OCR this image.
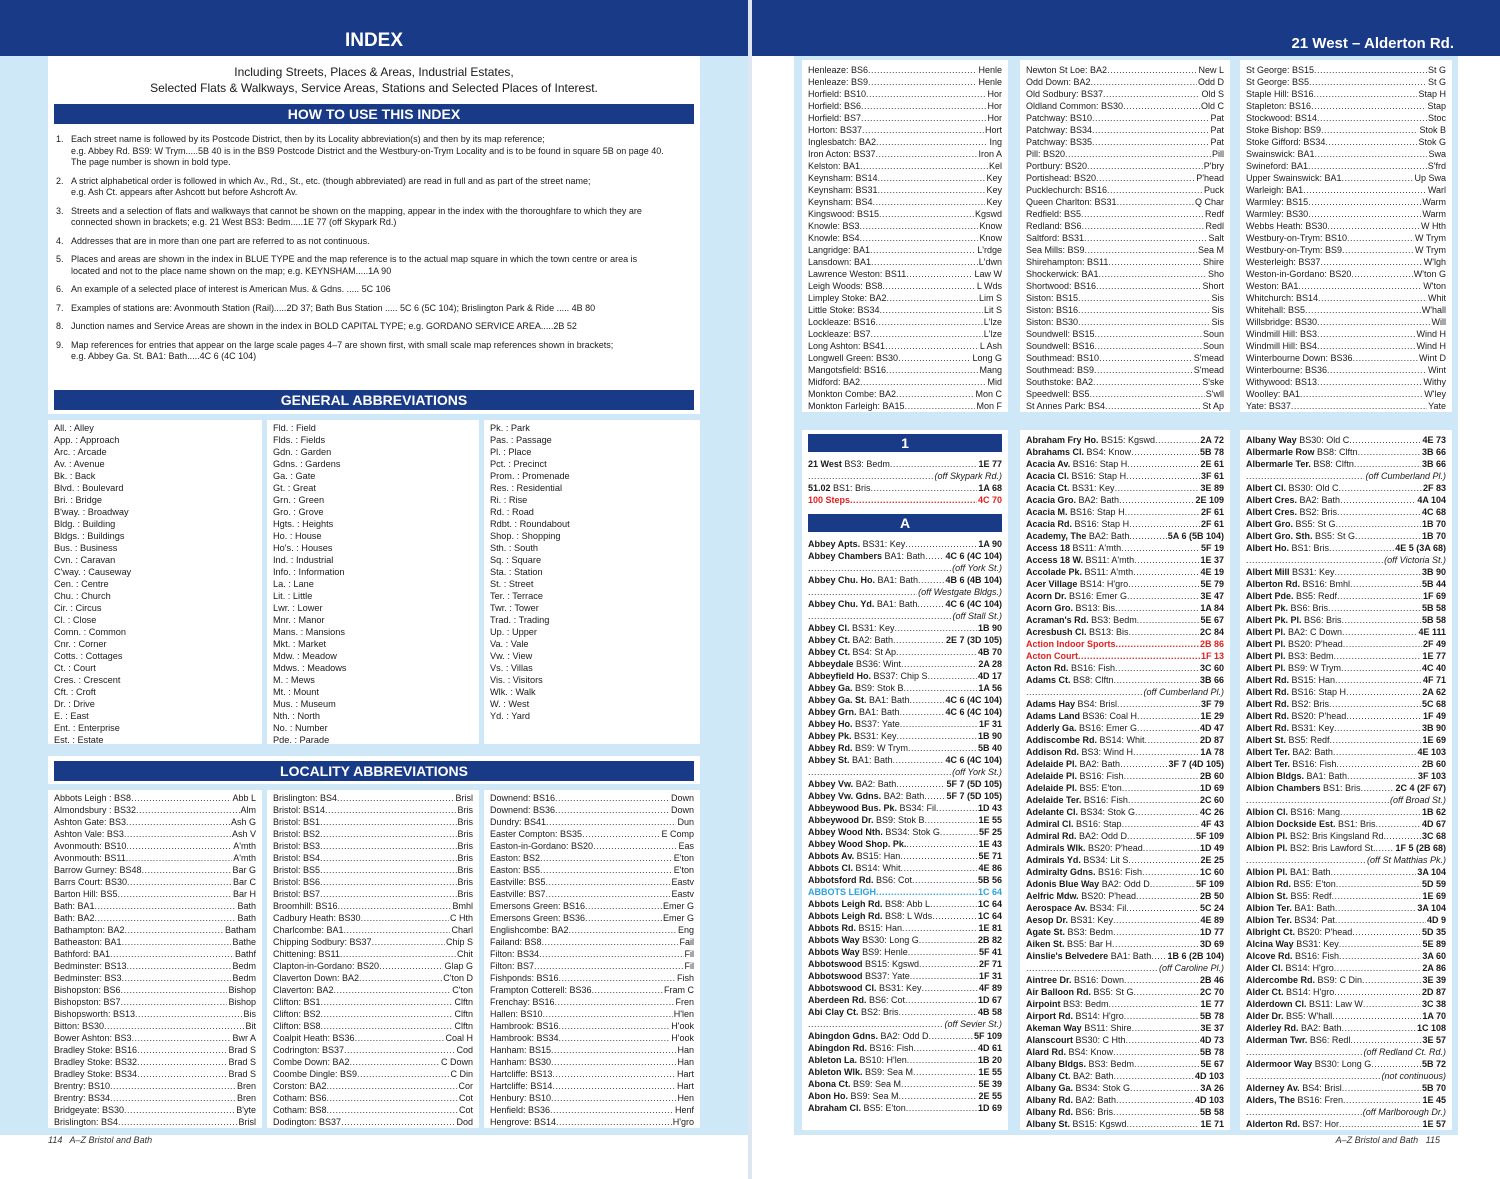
INDEX	21 West – Alderton Rd.
Including Streets, Places & Areas, Industrial Estates,
Selected Flats & Walkways, Service Areas, Stations and Selected Places of Interest.
HOW TO USE THIS INDEX
1. Each street name is followed by its Postcode District, then by its Locality abbreviation(s) and then by its map reference;
e.g. Abbey Rd. BS9: W Trym.....5B 40 is in the BS9 Postcode District and the Westbury-on-Trym Locality and is to be found in square 5B on page 40.
The page number is shown in bold type.
2. A strict alphabetical order is followed in which Av., Rd., St., etc. (though abbreviated) are read in full and as part of the street name;
e.g. Ash Ct. appears after Ashcott but before Ashcroft Av.
3. Streets and a selection of flats and walkways that cannot be shown on the mapping, appear in the index with the thoroughfare to which they are
connected shown in brackets; e.g. 21 West BS3: Bedm.....1E 77 (off Skypark Rd.)
4. Addresses that are in more than one part are referred to as not continuous.
5. Places and areas are shown in the index in BLUE TYPE and the map reference is to the actual map square in which the town centre or area is
located and not to the place name shown on the map; e.g. KEYNSHAM.....1A 90
6. An example of a selected place of interest is American Mus. & Gdns. ..... 5C 106
7. Examples of stations are: Avonmouth Station (Rail).....2D 37; Bath Bus Station ..... 5C 6 (5C 104); Brislington Park & Ride ..... 4B 80
8. Junction names and Service Areas are shown in the index in BOLD CAPITAL TYPE; e.g. GORDANO SERVICE AREA.....2B 52
9. Map references for entries that appear on the large scale pages 4–7 are shown first, with small scale map references shown in brackets;
e.g. Abbey Ga. St. BA1: Bath.....4C 6 (4C 104)
GENERAL ABBREVIATIONS
All. : Alley
App. : Approach
Arc. : Arcade
Av. : Avenue
Bk. : Back
Blvd. : Boulevard
Bri. : Bridge
B'way. : Broadway
Bldg. : Building
Bldgs. : Buildings
Bus. : Business
Cvn. : Caravan
C'way. : Causeway
Cen. : Centre
Chu. : Church
Cir. : Circus
Cl. : Close
Comn. : Common
Cnr. : Corner
Cotts. : Cottages
Ct. : Court
Cres. : Crescent
Cft. : Croft
Dr. : Drive
E. : East
Ent. : Enterprise
Est. : Estate
Fld. : Field
Flds. : Fields
Gdn. : Garden
Gdns. : Gardens
Ga. : Gate
Gt. : Great
Grn. : Green
Gro. : Grove
Hgts. : Heights
Ho. : House
Ho's. : Houses
Ind. : Industrial
Info. : Information
La. : Lane
Lit. : Little
Lwr. : Lower
Mnr. : Manor
Mans. : Mansions
Mkt. : Market
Mdw. : Meadow
Mdws. : Meadows
M. : Mews
Mt. : Mount
Mus. : Museum
Nth. : North
No. : Number
Pde. : Parade
Pk. : Park
Pas. : Passage
Pl. : Place
Pct. : Precinct
Prom. : Promenade
Res. : Residential
Ri. : Rise
Rd. : Road
Rdbt. : Roundabout
Shop. : Shopping
Sth. : South
Sq. : Square
Sta. : Station
St. : Street
Ter. : Terrace
Twr. : Tower
Trad. : Trading
Up. : Upper
Va. : Vale
Vw. : View
Vs. : Villas
Vis. : Visitors
Wlk. : Walk
W. : West
Yd. : Yard
LOCALITY ABBREVIATIONS
Abbots Leigh : BS8 .....	Abb L
Almondsbury : BS32 .....	Alm
Ashton Gate: BS3 .....	Ash G
Ashton Vale: BS3 .....	Ash V
Avonmouth: BS10 .....	A'mth
Avonmouth: BS11 .....	A'mth
Barrow Gurney: BS48 .....	Bar G
Barrs Court: BS30 .....	Bar C
Barton Hill: BS5 .....	Bar H
Bath: BA1 .....	Bath
Bath: BA2 .....	Bath
Bathampton: BA2 .....	Batham
Batheaston: BA1 .....	Bathe
Bathford: BA1 .....	Bathf
Bedminster: BS13 .....	Bedm
Bedminster: BS3 .....	Bedm
Bishopston: BS6 .....	Bishop
Bishopston: BS7 .....	Bishop
Bishopsworth: BS13 .....	Bis
Bitton: BS30 .....	Bit
Bower Ashton: BS3 .....	Bwr A
Bradley Stoke: BS16 .....	Brad S
Bradley Stoke: BS32 .....	Brad S
Bradley Stoke: BS34 .....	Brad S
Brentry: BS10 .....	Bren
Brentry: BS34 .....	Bren
Bridgeyate: BS30 .....	B'yte
Brislington: BS4 .....	Brisl
Brislington: BS4 .....	Brisl
Bristol: BS14 .....	Bris
Bristol: BS1 .....	Bris
Bristol: BS2 .....	Bris
Bristol: BS3 .....	Bris
Bristol: BS4 .....	Bris
Bristol: BS5 .....	Bris
Bristol: BS6 .....	Bris
Bristol: BS7 .....	Bris
Broomhill: BS16 .....	Bmhl
Cadbury Heath: BS30 .....	C Hth
Charlcombe: BA1 .....	Charl
Chipping Sodbury: BS37 .....	Chip S
Chittening: BS11 .....	Chit
Clapton-in-Gordano: BS20 .....	Glap G
Claverton Down: BA2 .....	C'ton D
Claverton: BA2 .....	C'ton
Clifton: BS1 .....	Clftn
Clifton: BS2 .....	Clftn
Clifton: BS8 .....	Clftn
Coalpit Heath: BS36 .....	Coal H
Codrington: BS37 .....	Cod
Combe Down: BA2 .....	C Down
Coombe Dingle: BS9 .....	C Din
Corston: BA2 .....	Cor
Cotham: BS6 .....	Cot
Cotham: BS8 .....	Cot
Dodington: BS37 .....	Dod
Downend: BS16 .....	Down
Downend: BS36 .....	Down
Dundry: BS41 .....	Dun
Easter Compton: BS35 .....	E Comp
Easton-in-Gordano: BS20 .....	Eas
Easton: BS2 .....	E'ton
Easton: BS5 .....	E'ton
Eastville: BS5 .....	Eastv
Eastville: BS7 .....	Eastv
Emersons Green: BS16 .....	Emer G
Emersons Green: BS36 .....	Emer G
Englishcombe: BA2 .....	Eng
Failand: BS8 .....	Fail
Filton: BS34 .....	Fil
Filton: BS7 .....	Fil
Fishponds: BS16 .....	Fish
Frampton Cotterell: BS36 .....	Fram C
Frenchay: BS16 .....	Fren
Hallen: BS10 .....	H'len
Hambrook: BS16 .....	H'ook
Hambrook: BS34 .....	H'ook
Hanham: BS15 .....	Han
Hanham: BS30 .....	Han
Hartcliffe: BS13 .....	Hart
Hartcliffe: BS14 .....	Hart
Henbury: BS10 .....	Hen
Henfield: BS36 .....	Henf
Hengrove: BS14 .....	H'gro
114 A–Z Bristol and Bath
Henleaze: BS6 .....	Henle
Henleaze: BS9 .....	Henle
Horfield: BS10 .....	Hor
Horfield: BS6 .....	Hor
Horfield: BS7 .....	Hor
Horton: BS37 .....	Hort
Inglesbatch: BA2 .....	Ing
Iron Acton: BS37 .....	Iron A
Kelston: BA1 .....	Kel
Keynsham: BS14 .....	Key
Keynsham: BS31 .....	Key
Keynsham: BS4 .....	Key
Kingswood: BS15 .....	Kgswd
Knowle: BS3 .....	Know
Knowle: BS4 .....	Know
Langridge: BA1 .....	L'rdge
Lansdown: BA1 .....	L'dwn
Lawrence Weston: BS11 .....	Law W
Leigh Woods: BS8 .....	L Wds
Limpley Stoke: BA2 .....	Lim S
Little Stoke: BS34 .....	Lit S
Lockleaze: BS16 .....	L'lze
Lockleaze: BS7 .....	L'lze
Long Ashton: BS41 .....	L Ash
Longwell Green: BS30 .....	Long G
Mangotsfield: BS16 .....	Mang
Midford: BA2 .....	Mid
Monkton Combe: BA2 .....	Mon C
Monkton Farleigh: BA15 .....	Mon F
Newton St Loe: BA2 .....	New L
Odd Down: BA2 .....	Odd D
Old Sodbury: BS37 .....	Old S
Oldland Common: BS30 .....	Old C
Patchway: BS10 .....	Pat
Patchway: BS34 .....	Pat
Patchway: BS35 .....	Pat
Pill: BS20 .....	Pill
Portbury: BS20 .....	P'bry
Portishead: BS20 .....	P'head
Pucklechurch: BS16 .....	Puck
Queen Charlton: BS31 .....	Q Char
Redfield: BS5 .....	Redf
Redland: BS6 .....	Redl
Saltford: BS31 .....	Salt
Sea Mills: BS9 .....	Sea M
Shirehampton: BS11 .....	Shire
Shockerwick: BA1 .....	Sho
Shortwood: BS16 .....	Short
Siston: BS15 .....	Sis
Siston: BS16 .....	Sis
Siston: BS30 .....	Sis
Soundwell: BS15 .....	Soun
Soundwell: BS16 .....	Soun
Southmead: BS10 .....	S'mead
Southmead: BS9 .....	S'mead
Southstoke: BA2 .....	S'ske
Speedwell: BS5 .....	S'wll
St Annes Park: BS4 .....	St Ap
St George: BS15 .....	St G
St George: BS5 .....	St G
Staple Hill: BS16 .....	Stap H
Stapleton: BS16 .....	Stap
Stockwood: BS14 .....	Stoc
Stoke Bishop: BS9 .....	Stok B
Stoke Gifford: BS34 .....	Stok G
Swainswick: BA1 .....	Swa
Swineford: BA1 .....	S'frd
Upper Swainswick: BA1 .....	Up Swa
Warleigh: BA1 .....	Warl
Warmley: BS15 .....	Warm
Warmley: BS30 .....	Warm
Webbs Heath: BS30 .....	W Hth
Westbury-on-Trym: BS10 .....	W Trym
Westbury-on-Trym: BS9 .....	W Trym
Westerleigh: BS37 .....	W'lgh
Weston-in-Gordano: BS20 .....	W'ton G
Weston: BA1 .....	W'ton
Whitchurch: BS14 .....	Whit
Whitehall: BS5 .....	W'hall
Willsbridge: BS30 .....	Will
Windmill Hill: BS3 .....	Wind H
Windmill Hill: BS4 .....	Wind H
Winterbourne Down: BS36 .....	Wint D
Winterbourne: BS36 .....	Wint
Withywood: BS13 .....	Withy
Woolley: BA1 .....	W'ley
Yate: BS37 .....	Yate
1
21 West BS3: Bedm .....	1E 77
.....
(off Skypark Rd.)
51.02 BS1: Bris .....	1A 68
100 Steps .....	4C 70
A
Abbey Apts. BS31: Key .....	1A 90
Abbey Chambers BA1: Bath ..... 4C 6 (4C 104)
.....
(off York St.)
Abbey Chu. Ho. BA1: Bath .....	4B 6 (4B 104)
.....
(off Westgate Bldgs.)
Abbey Chu. Yd. BA1: Bath .....	4C 6 (4C 104)
.....
(off Stall St.)
Abbey Cl. BS31: Key .....	1B 90
Abbey Ct. BA2: Bath .....	2E 7 (3D 105)
Abbey Ct. BS4: St Ap .....	4B 70
Abbeydale BS36: Wint .....	2A 28
Abbeyfield Ho. BS37: Chip S .....	4D 17
Abbey Ga. BS9: Stok B .....	1A 56
Abbey Ga. St. BA1: Bath .....	4C 6 (4C 104)
Abbey Grn. BA1: Bath .....	4C 6 (4C 104)
Abbey Ho. BS37: Yate .....	1F 31
Abbey Pk. BS31: Key .....	1B 90
Abbey Rd. BS9: W Trym .....	5B 40
Abbey St. BA1: Bath .....	4C 6 (4C 104)
.....
(off York St.)
Abbey Vw. BA2: Bath .....	5F 7 (5D 105)
Abbey Vw. Gdns. BA2: Bath ..... 5F 7 (5D 105)
Abbeywood Bus. Pk. BS34: Fil .....	1D 43
Abbeywood Dr. BS9: Stok B .....	1E 55
Abbey Wood Nth. BS34: Stok G .....	5F 25
Abbey Wood Shop. Pk. .....	1E 43
Abbots Av. BS15: Han .....	5E 71
Abbots Cl. BS14: Whit .....	4E 86
Abbotsford Rd. BS6: Cot .....	5B 56
ABBOTS LEIGH .....	1C 64
Abbots Leigh Rd. BS8: Abb L .....	1C 64
Abbots Leigh Rd. BS8: L Wds .....	1C 64
Abbots Rd. BS15: Han .....	1E 81
Abbots Way BS30: Long G .....	2B 82
Abbots Way BS9: Henle .....	5F 41
Abbotswood BS15: Kgswd .....	2F 71
Abbotswood BS37: Yate .....	1F 31
Abbotswood Cl. BS31: Key .....	4F 89
Aberdeen Rd. BS6: Cot .....	1D 67
Abi Clay Ct. BS2: Bris .....	4B 58
.....
(off Sevier St.)
Abingdon Gdns. BA2: Odd D .....	5F 109
Abingdon Rd. BS16: Fish .....	4D 61
Ableton La. BS10: H'len .....	1B 20
Ableton Wlk. BS9: Sea M .....	1E 55
Abona Ct. BS9: Sea M .....	5E 39
Abon Ho. BS9: Sea M .....	2E 55
Abraham Cl. BS5: E'ton .....	1D 69
Abraham Fry Ho. BS15: Kgswd .....	2A 72
Abrahams Cl. BS4: Know .....	5B 78
Acacia Av. BS16: Stap H .....	2E 61
Acacia Cl. BS16: Stap H .....	3F 61
Acacia Ct. BS31: Key .....	3E 89
Acacia Gro. BA2: Bath .....	2E 109
Acacia M. BS16: Stap H .....	2F 61
Acacia Rd. BS16: Stap H .....	2F 61
Academy, The BA2: Bath .....	5A 6 (5B 104)
Access 18 BS11: A'mth .....	5F 19
Access 18 W. BS11: A'mth .....	1E 37
Accolade Pk. BS11: A'mth .....	4E 19
Acer Village BS14: H'gro .....	5E 79
Acorn Dr. BS16: Emer G .....	3E 47
Acorn Gro. BS13: Bis .....	1A 84
Acraman's Rd. BS3: Bedm .....	5E 67
Acresbush Cl. BS13: Bis .....	2C 84
Action Indoor Sports .....	2B 86
Acton Court .....	1F 13
Acton Rd. BS16: Fish .....	3C 60
Adams Ct. BS8: Clftn .....	3B 66
.....
(off Cumberland Pl.)
Adams Hay BS4: Brisl .....	3F 79
Adams Land BS36: Coal H .....	1E 29
Adderly Ga. BS16: Emer G .....	4D 47
Addiscombe Rd. BS14: Whit .....	2D 87
Addison Rd. BS3: Wind H .....	1A 78
Adelaide Pl. BA2: Bath .....	3F 7 (4D 105)
Adelaide Pl. BS16: Fish .....	2B 60
Adelaide Pl. BS5: E'ton .....	1D 69
Adelaide Ter. BS16: Fish .....	2C 60
Adelante Cl. BS34: Stok G .....	4C 26
Admiral Cl. BS16: Stap .....	4F 43
Admiral Rd. BA2: Odd D .....	5F 109
Admirals Wlk. BS20: P'head .....	1D 49
Admirals Yd. BS34: Lit S .....	2E 25
Admiralty Gdns. BS16: Fish .....	1C 60
Adonis Blue Way BA2: Odd D .....	5F 109
Aelfric Mdw. BS20: P'head .....	2B 50
Aerospace Av. BS34: Fil .....	5C 24
Aesop Dr. BS31: Key .....	4E 89
Agate St. BS3: Bedm .....	1D 77
Aiken St. BS5: Bar H .....	3D 69
Ainslie's Belvedere BA1: Bath ..... 1B 6 (2B 104)
.....
(off Caroline Pl.)
Aintree Dr. BS16: Down .....	2B 46
Air Balloon Rd. BS5: St G .....	2C 70
Airpoint BS3: Bedm .....	1E 77
Airport Rd. BS14: H'gro .....	5B 78
Akeman Way BS11: Shire .....	3E 37
Alanscourt BS30: C Hth .....	4D 73
Alard Rd. BS4: Know .....	5B 78
Albany Bldgs. BS3: Bedm .....	5E 67
Albany Ct. BA2: Bath .....	4D 103
Albany Ga. BS34: Stok G .....	3A 26
Albany Rd. BA2: Bath .....	4D 103
Albany Rd. BS6: Bris .....	5B 58
Albany St. BS15: Kgswd .....	1E 71
Albany Way BS30: Old C .....	4E 73
Albermarle Row BS8: Clftn .....	3B 66
Albermarle Ter. BS8: Clftn .....	3B 66
.....
(off Cumberland Pl.)
Albert Cl. BS30: Old C .....	2F 83
Albert Cres. BA2: Bath .....	4A 104
Albert Cres. BS2: Bris .....	4C 68
Albert Gro. BS5: St G .....	1B 70
Albert Gro. Sth. BS5: St G .....	1B 70
Albert Ho. BS1: Bris .....	4E 5 (3A 68)
.....
(off Victoria St.)
Albert Mill BS31: Key .....	3B 90
Alberton Rd. BS16: Bmhl .....	5B 44
Albert Pde. BS5: Redf .....	1F 69
Albert Pk. BS6: Bris .....	5B 58
Albert Pk. Pl. BS6: Bris .....	5B 58
Albert Pl. BA2: C Down .....	4E 111
Albert Pl. BS20: P'head .....	2F 49
Albert Pl. BS3: Bedm .....	1E 77
Albert Pl. BS9: W Trym .....	4C 40
Albert Rd. BS15: Han .....	4F 71
Albert Rd. BS16: Stap H .....	2A 62
Albert Rd. BS2: Bris .....	5C 68
Albert Rd. BS20: P'head .....	1F 49
Albert Rd. BS31: Key .....	3B 90
Albert St. BS5: Redf .....	1E 69
Albert Ter. BA2: Bath .....	4E 103
Albert Ter. BS16: Fish .....	2B 60
Albion Bldgs. BA1: Bath .....	3F 103
Albion Chambers BS1: Bris .....	2C 4 (2F 67)
.....
(off Broad St.)
Albion Cl. BS16: Mang .....	1B 62
Albion Dockside Est. BS1: Bris .....	4D 67
Albion Pl. BS2: Bris Kingsland Rd. .....	3C 68
Albion Pl. BS2: Bris Lawford St. ..... 1F 5 (2B 68)
.....
(off St Matthias Pk.)
Albion Pl. BA1: Bath .....	3A 104
Albion Rd. BS5: E'ton .....	5D 59
Albion St. BS5: Redf .....	1E 69
Albion Ter. BA1: Bath .....	3A 104
Albion Ter. BS34: Pat .....	4D 9
Albright Ct. BS20: P'head .....	5D 35
Alcina Way BS31: Key .....	5E 89
Alcove Rd. BS16: Fish .....	3A 60
Alder Cl. BS14: H'gro .....	2A 86
Aldercombe Rd. BS9: C Din .....	3E 39
Alder Ct. BS14: H'gro .....	2D 87
Alderdown Cl. BS11: Law W .....	3C 38
Alder Dr. BS5: W'hall .....	1A 70
Alderley Rd. BA2: Bath .....	1C 108
Alderman Twr. BS6: Redl .....	3E 57
.....
(off Redland Ct. Rd.)
Aldermoor Way BS30: Long G .....	5B 72
.....
(not continuous)
Alderney Av. BS4: Brisl .....	5B 70
Alders, The BS16: Fren .....	1E 45
.....
(off Marlborough Dr.)
Alderton Rd. BS7: Hor .....	1E 57
A–Z Bristol and Bath 115
